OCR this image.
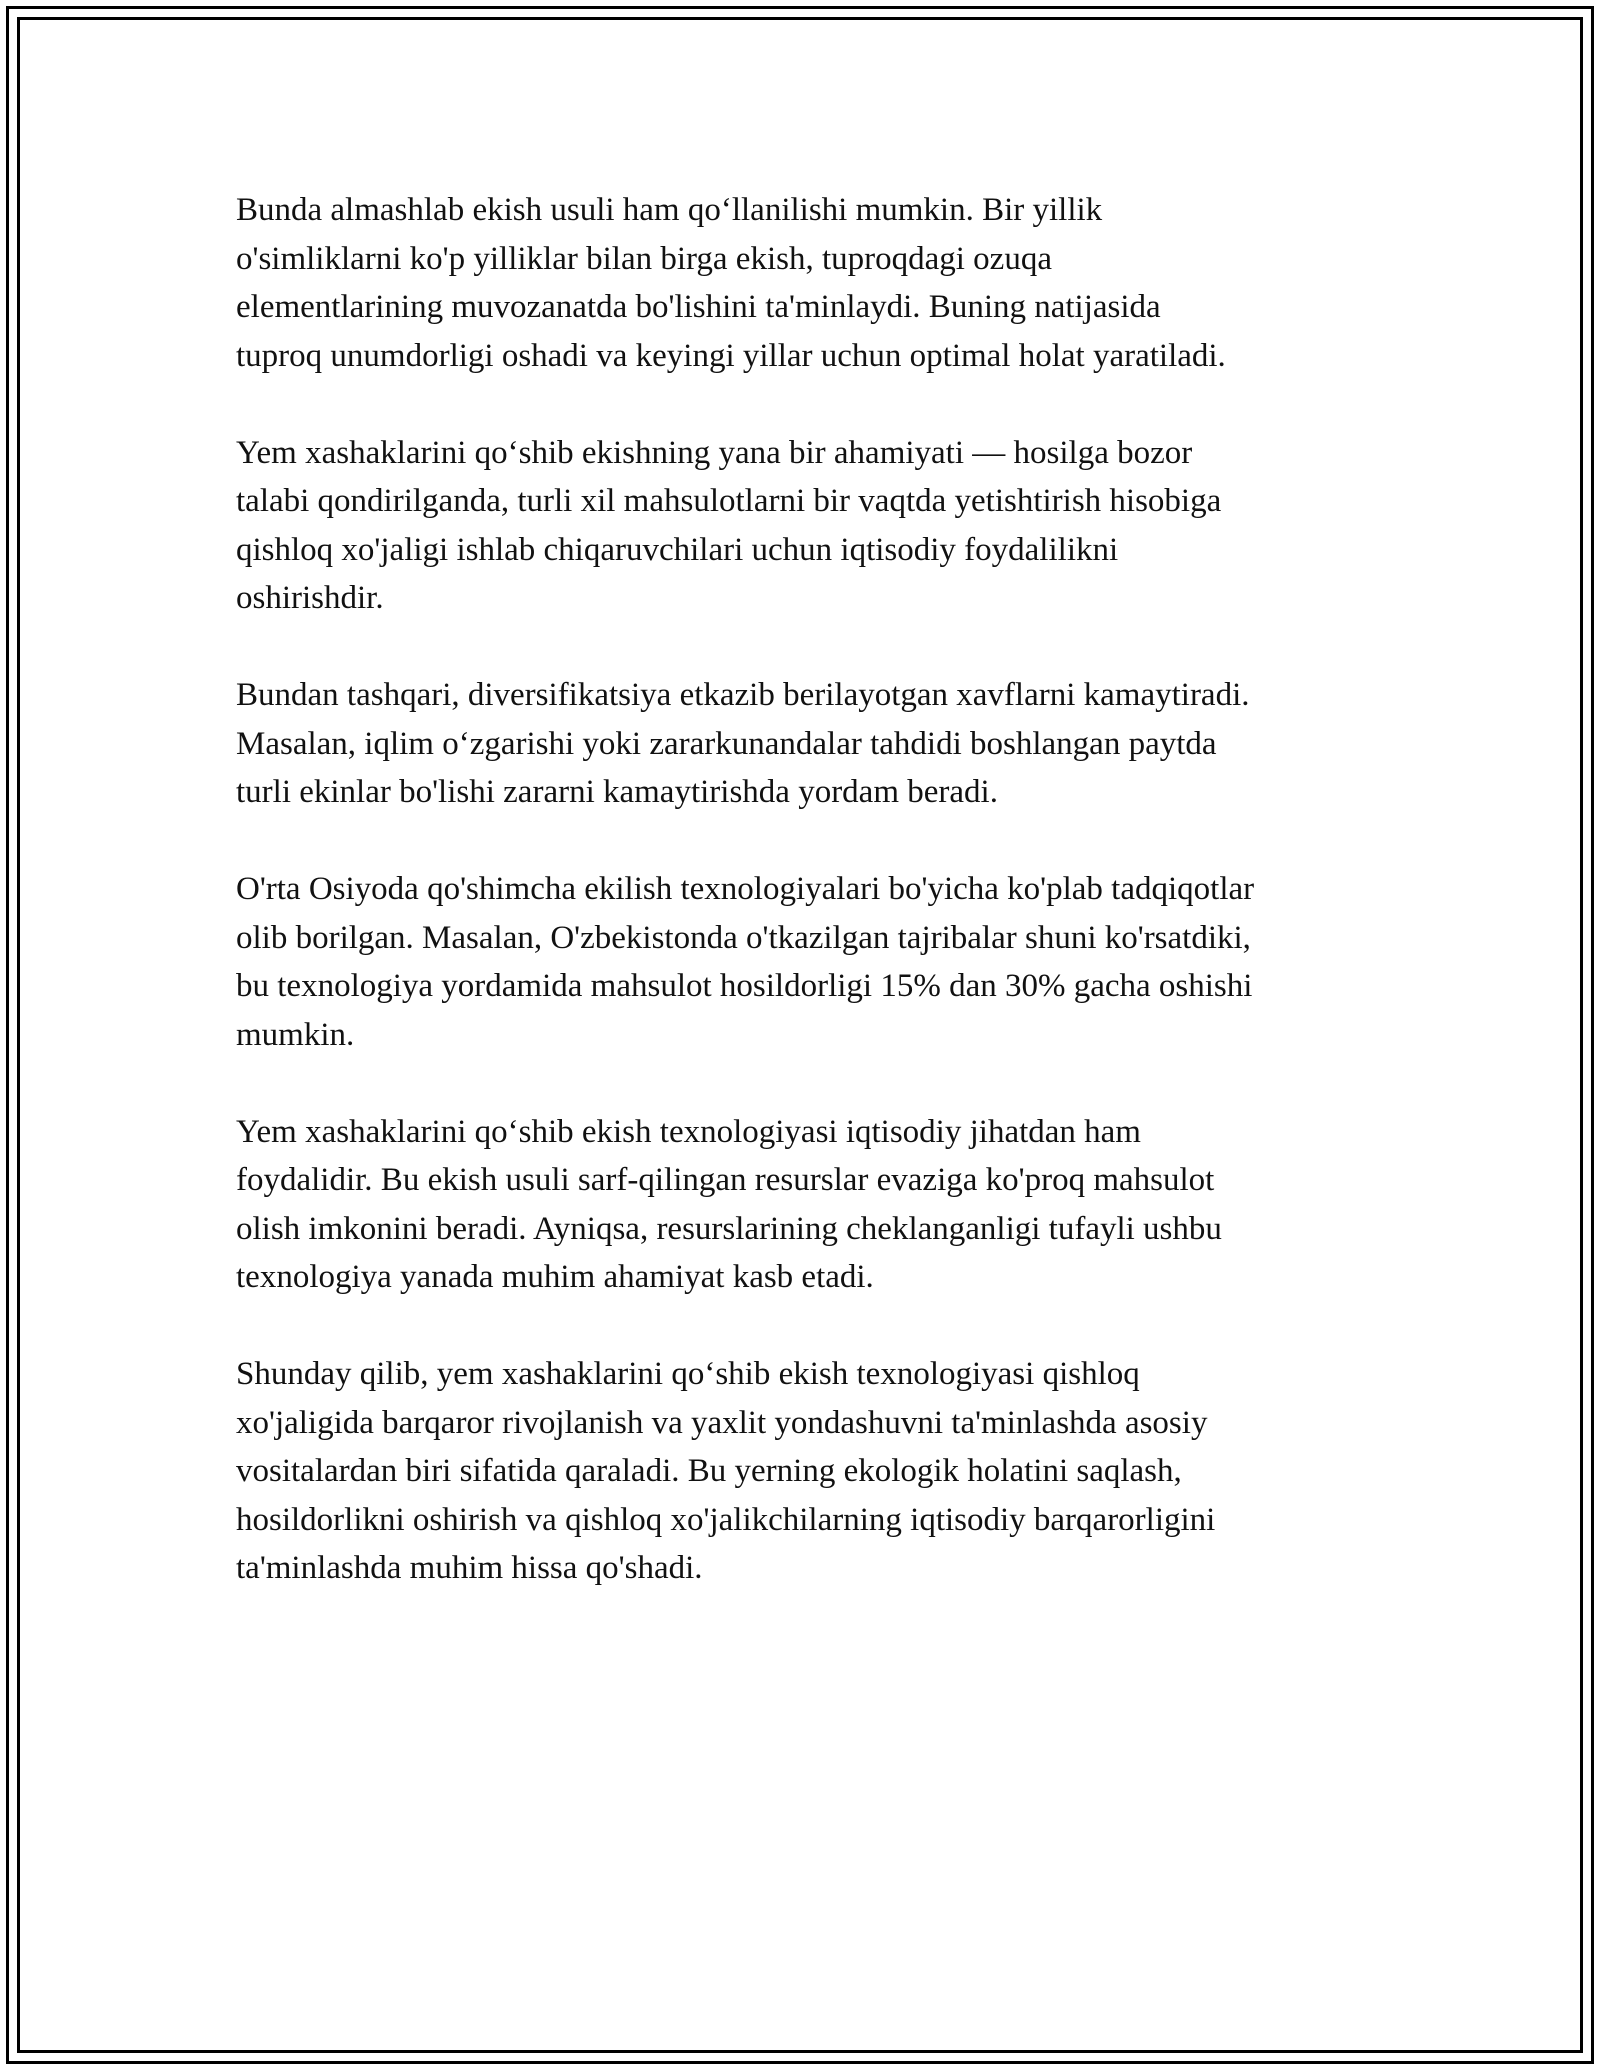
Bunda almashlab ekish usuli ham qo‘llanilishi mumkin. Bir yillik
o'simliklarni ko'p yilliklar bilan birga ekish, tuproqdagi ozuqa
elementlarining muvozanatda bo'lishini ta'minlaydi. Buning natijasida
tuproq unumdorligi oshadi va keyingi yillar uchun optimal holat yaratiladi.

Yem xashaklarini qo‘shib ekishning yana bir ahamiyati — hosilga bozor
talabi qondirilganda, turli xil mahsulotlarni bir vaqtda yetishtirish hisobiga
qishloq xo'jaligi ishlab chiqaruvchilari uchun iqtisodiy foydalilikni
oshirishdir.

Bundan tashqari, diversifikatsiya etkazib berilayotgan xavflarni kamaytiradi.
Masalan, iqlim o‘zgarishi yoki zararkunandalar tahdidi boshlangan paytda
turli ekinlar bo'lishi zararni kamaytirishda yordam beradi.

O'rta Osiyoda qo'shimcha ekilish texnologiyalari bo'yicha ko'plab tadqiqotlar
olib borilgan. Masalan, O'zbekistonda o'tkazilgan tajribalar shuni ko'rsatdiki,
bu texnologiya yordamida mahsulot hosildorligi 15% dan 30% gacha oshishi
mumkin.

Yem xashaklarini qo‘shib ekish texnologiyasi iqtisodiy jihatdan ham
foydalidir. Bu ekish usuli sarf-qilingan resurslar evaziga ko'proq mahsulot
olish imkonini beradi. Ayniqsa, resurslarining cheklanganligi tufayli ushbu
texnologiya yanada muhim ahamiyat kasb etadi.

Shunday qilib, yem xashaklarini qo‘shib ekish texnologiyasi qishloq
xo'jaligida barqaror rivojlanish va yaxlit yondashuvni ta'minlashda asosiy
vositalardan biri sifatida qaraladi. Bu yerning ekologik holatini saqlash,
hosildorlikni oshirish va qishloq xo'jalikchilarning iqtisodiy barqarorligini
ta'minlashda muhim hissa qo'shadi.
